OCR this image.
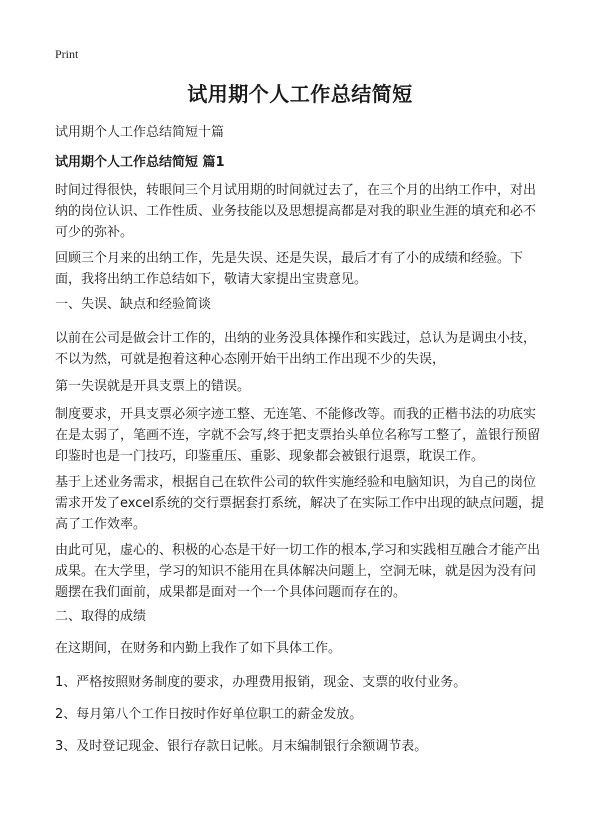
Print
试用期个人工作总结简短

试用期个人工作总结简短十篇

试用期个人工作总结简短 篇1

时间过得很快，转眼间三个月试用期的时间就过去了，在三个月的出纳工作中，对出纳的岗位认识、工作性质、业务技能以及思想提高都是对我的职业生涯的填充和必不可少的弥补。

回顾三个月来的出纳工作，先是失误、还是失误，最后才有了小的成绩和经验。下面，我将出纳工作总结如下，敬请大家提出宝贵意见。

一、失误、缺点和经验简谈

以前在公司是做会计工作的，出纳的业务没具体操作和实践过，总认为是调虫小技，不以为然，可就是抱着这种心态刚开始干出纳工作出现不少的失误，

第一失误就是开具支票上的错误。

制度要求，开具支票必须字迹工整、无连笔、不能修改等。而我的正楷书法的功底实在是太弱了，笔画不连，字就不会写,终于把支票抬头单位名称写工整了，盖银行预留印鉴时也是一门技巧，印鉴重压、重影、现象都会被银行退票，耽误工作。

基于上述业务需求，根据自己在软件公司的软件实施经验和电脑知识，为自己的岗位需求开发了excel系统的交行票据套打系统，解决了在实际工作中出现的缺点问题，提高了工作效率。

由此可见，虚心的、积极的心态是干好一切工作的根本,学习和实践相互融合才能产出成果。在大学里，学习的知识不能用在具体解决问题上，空洞无味，就是因为没有问题摆在我们面前，成果都是面对一个一个具体问题而存在的。

二、取得的成绩

在这期间，在财务和内勤上我作了如下具体工作。

1、严格按照财务制度的要求，办理费用报销，现金、支票的收付业务。

2、每月第八个工作日按时作好单位职工的薪金发放。

3、及时登记现金、银行存款日记帐。月末编制银行余额调节表。
